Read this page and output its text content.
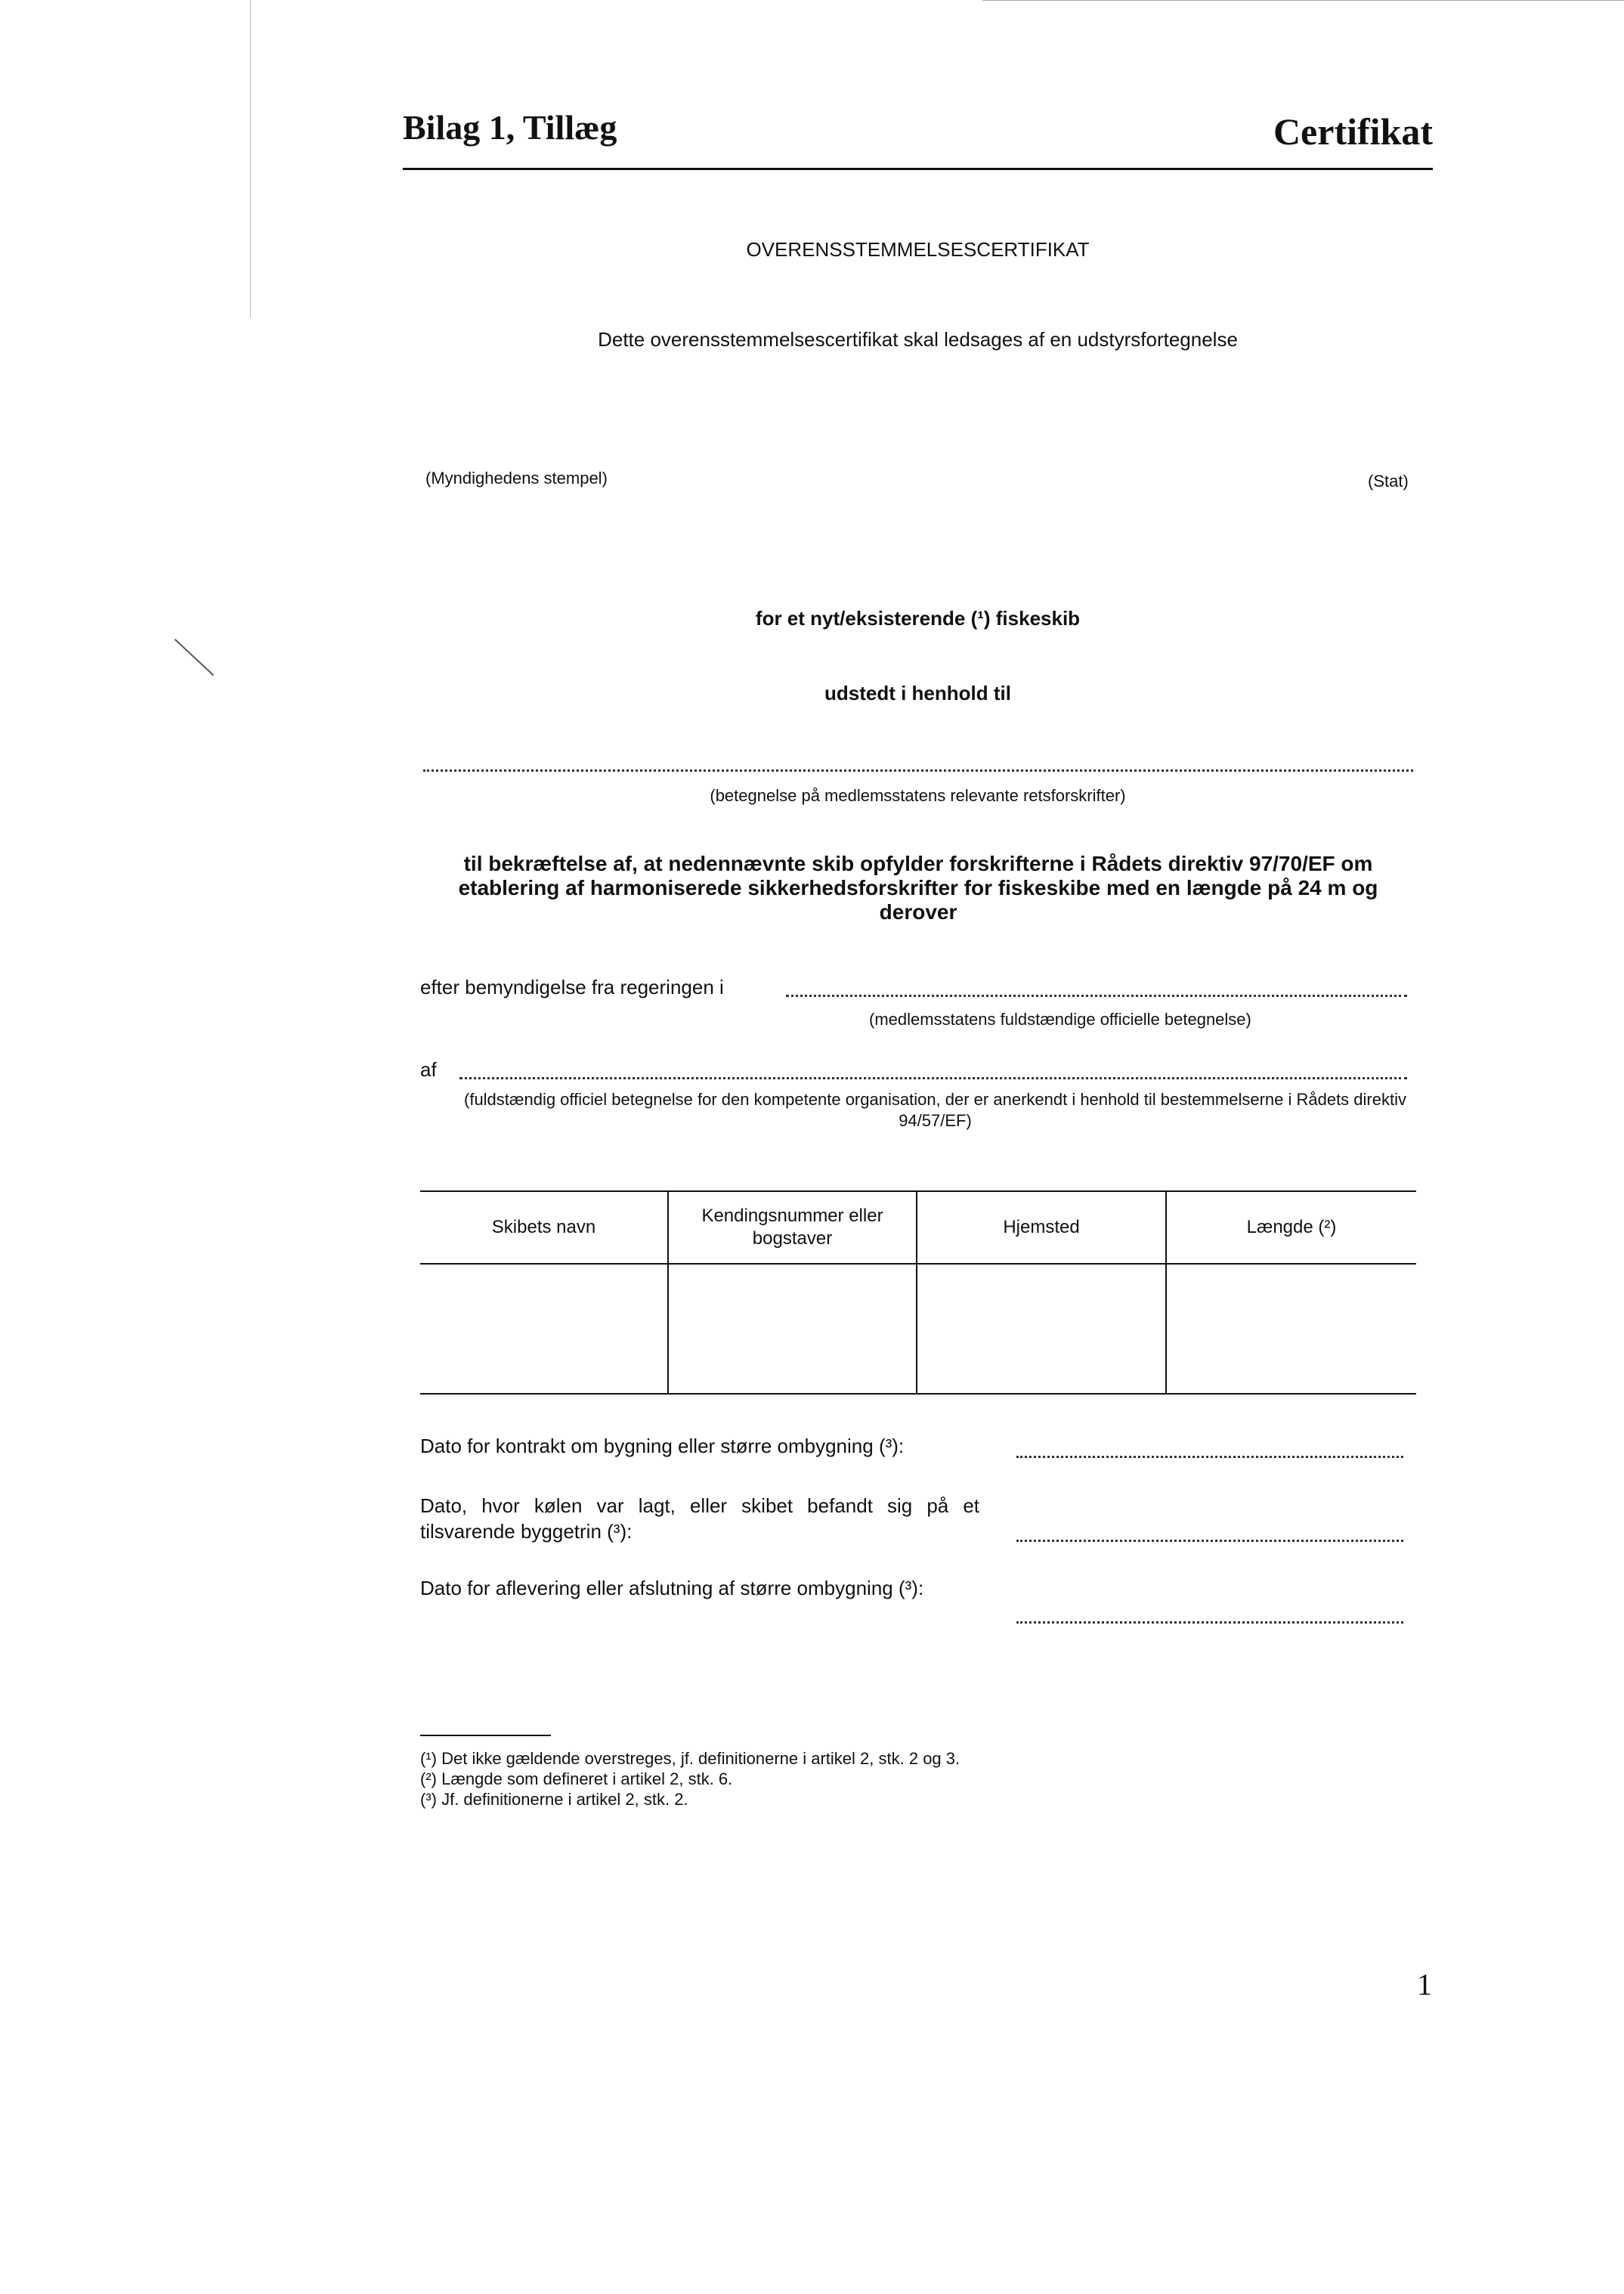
Bilag 1, Tillæg	Certifikat
OVERENSSTEMMELSESCERTIFIKAT
Dette overensstemmelsescertifikat skal ledsages af en udstyrsfortegnelse
(Myndighedens stempel)	(Stat)
for et nyt/eksisterende (¹) fiskeskib
udstedt i henhold til
(betegnelse på medlemsstatens relevante retsforskrifter)
til bekræftelse af, at nedennævnte skib opfylder forskrifterne i Rådets direktiv 97/70/EF om etablering af harmoniserede sikkerhedsforskrifter for fiskeskibe med en længde på 24 m og derover
efter bemyndigelse fra regeringen i
(medlemsstatens fuldstændige officielle betegnelse)
af
(fuldstændig officiel betegnelse for den kompetente organisation, der er anerkendt i henhold til bestemmelserne i Rådets direktiv 94/57/EF)
Skibets navn	Kendingsnummer eller bogstaver	Hjemsted	Længde (²)

Dato for kontrakt om bygning eller større ombygning (³):
Dato, hvor kølen var lagt, eller skibet befandt sig på et tilsvarende byggetrin (³):
Dato for aflevering eller afslutning af større ombygning (³):
(¹) Det ikke gældende overstreges, jf. definitionerne i artikel 2, stk. 2 og 3.
(²) Længde som defineret i artikel 2, stk. 6.
(³) Jf. definitionerne i artikel 2, stk. 2.
1
